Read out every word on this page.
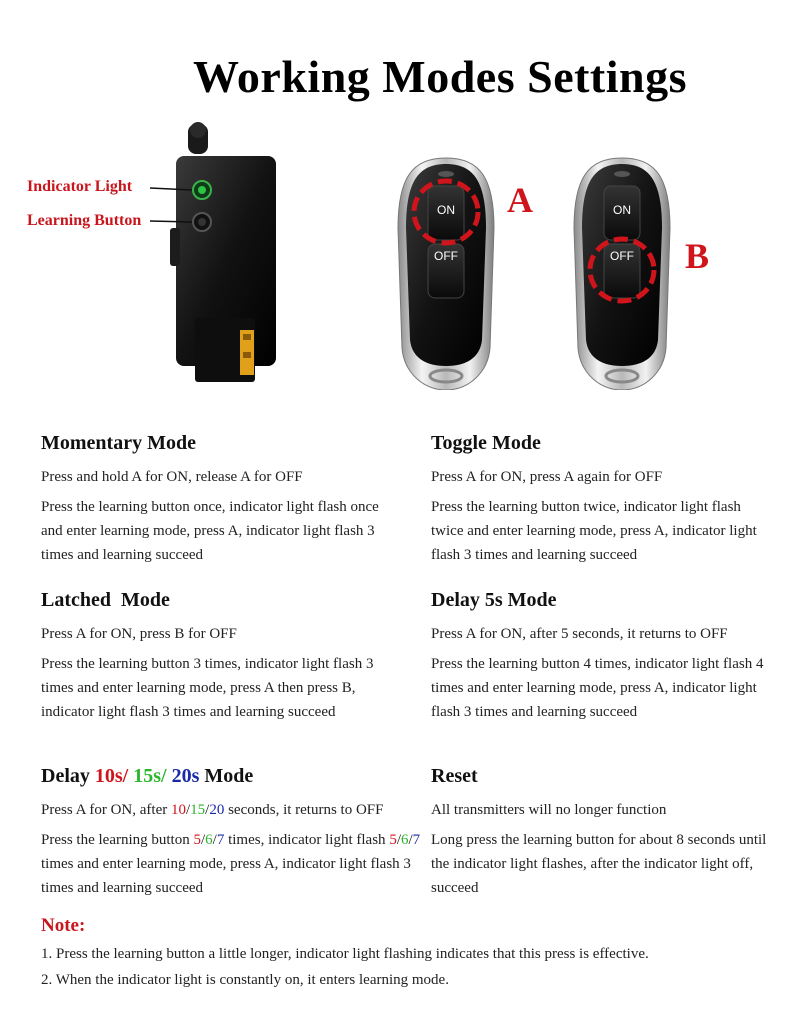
Working Modes Settings
ON
OFF
A	ON
OFF B
Indicator Light
Learning Button
Momentary Mode

Press and hold A for ON, release A for OFF

Press the learning button once, indicator light flash once and enter learning mode, press A, indicator light flash 3 times and learning succeed

Toggle Mode

Press A for ON, press A again for OFF

Press the learning button twice, indicator light flash twice and enter learning mode, press A, indicator light flash 3 times and learning succeed

Latched  Mode

Press A for ON, press B for OFF

Press the learning button 3 times, indicator light flash 3 times and enter learning mode, press A then press B, indicator light flash 3 times and learning succeed

Delay 5s Mode

Press A for ON, after 5 seconds, it returns to OFF

Press the learning button 4 times, indicator light flash 4 times and enter learning mode, press A, indicator light flash 3 times and learning succeed

Delay 10s/ 15s/ 20s Mode

Press A for ON, after 10/15/20 seconds, it returns to OFF

Press the learning button 5/6/7 times, indicator light flash 5/6/7  times and enter learning mode, press A, indicator light flash 3 times and learning succeed

Reset

All transmitters will no longer function

Long press the learning button for about 8 seconds until the indicator light flashes, after the indicator light off, succeed

Note:

1. Press the learning button a little longer, indicator light flashing indicates that this press is effective.

2. When the indicator light is constantly on, it enters learning mode.
